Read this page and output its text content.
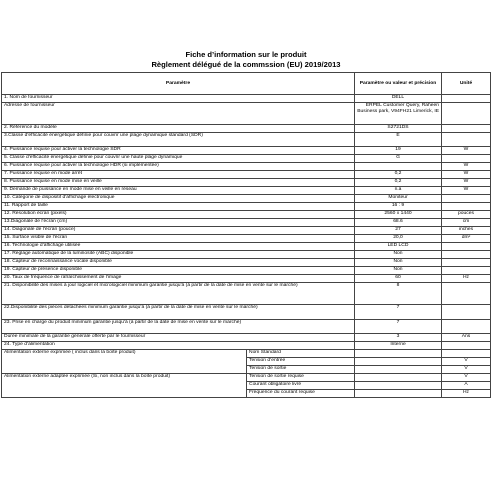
Fiche d’information sur le produit
Règlement délégué de la commssion (EU) 2019/2013
Paramètre		Paramètre ou valeur et précision	Unité
1. Nom de fournisseur		DELL	
Adresse de fournisseur		ERPEL Customer Query, Raheen Business park, V94FH21 Limerick, IE	
2. Référence du modèle		S2721DS	
3.Classe d’efficacité énergétique définie pour couvrir une plage dynamique standard (SDR)		E	
4. Puissance requise pour activer la technologie SDR		19	W
5. Classe d’efficacité énergétique définie pour couvrir une haute plage dynamique		G	
6. Puissance requise pour activer la technologie HDR (si implémentée)			W
7. Puissance requise en mode arrêt		0,2	W
8. Puissance requise en mode mise en veille		0,2	W
9. Demande de puissance en mode mise en veille en réseau		n.a	W
10. Catégorie de dispositif d’affichage électronique		Moniteur	
11. Rapport de taille		16 : 9	
12. Résolution écran (pixels)		2560 x 1440	pouces
13.Diagonale de l’écran (cm)		68.6	cm
14. Diagonale de l’écran (pouce)		27	inches
15. Surface visible de l’écran		20,0	dm²
16. Technologie d’affichage utilisée		LED LCD	
17. Réglage automatique de la luminosité (ABC) disponible		Non	
18. Capteur de reconnaissance vocale disponible		Non	
19. Capteur de présence disponible		Non	
20. Taux de fréquence de rafraîchissement de l’image		60	Hz
21. Disponibilité des mises à jour logiciel et micrologiciel minimum garantie jusqu’à (à partir de la date de mise en vente sur le marché)		8	
22.Disponibilité des pièces détachées minimum garantie jusqu’à (à partir de la date de mise en vente sur le marché)		7	
23. Prise en charge du produit minimum garantie jusqu’à (à partir de la date de mise en vente sur le marché)		7	
Durée minimale de la garantie générale offerte par le fournisseur		3	Ans
24. Type d’alimentation		Interne	
Alimentation externe exprimée ( inclus dans la boîte produit)	Nom Standard		
	Tension d’entrée		V
	Tension de sortie		V
Alimentation externe adaptée exprimée (Si, non inclus dans la boîte produit)	Tension de sortie requise		V
	Courant obligatoire livré		A
	Fréquence du courant requise		Hz
